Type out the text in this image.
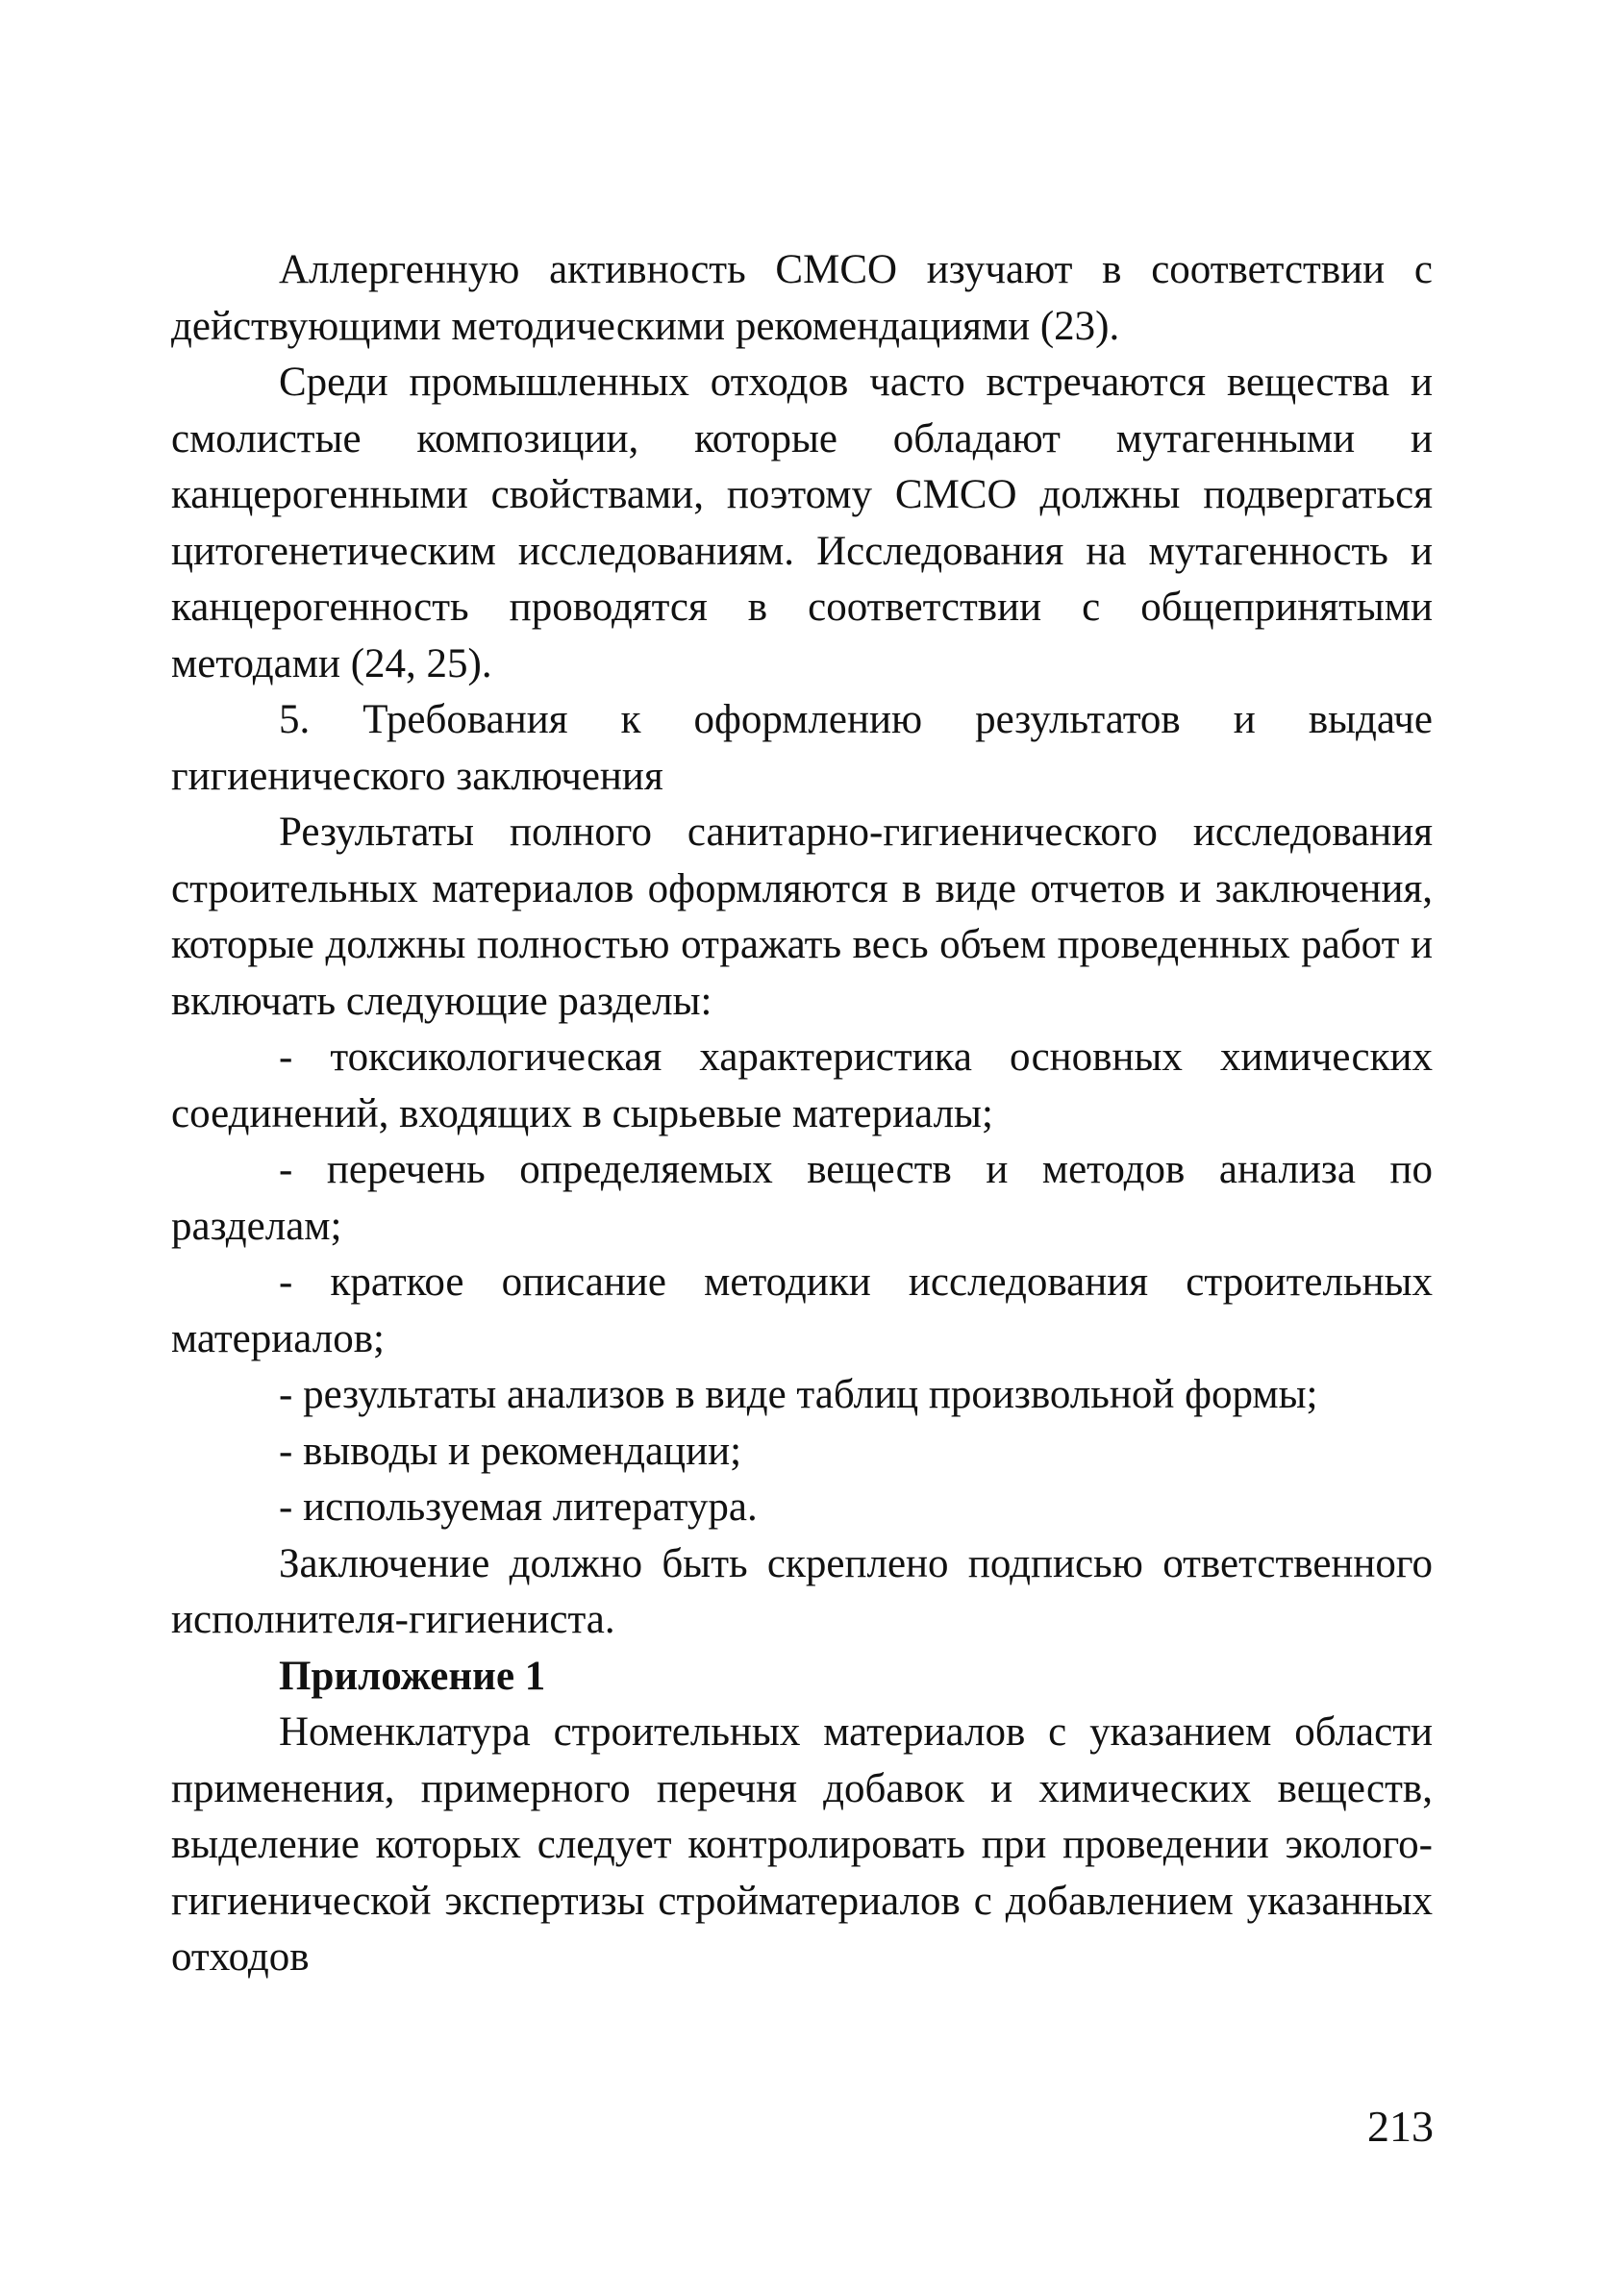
Аллергенную активность СМСО изучают в соответствии с действующими методическими рекомендациями (23).

Среди промышленных отходов часто встречаются вещества и смолистые композиции, которые обладают мутагенными и канцерогенными свойствами, поэтому СМСО должны подвергаться цитогенетическим исследованиям. Исследования на мутагенность и канцерогенность проводятся в соответствии с общепринятыми методами (24, 25).

5. Требования к оформлению результатов и выдаче гигиенического заключения

Результаты полного санитарно-гигиенического исследования строительных материалов оформляются в виде отчетов и заключения, которые должны полностью отражать весь объем проведенных работ и включать следующие разделы:

- токсикологическая характеристика основных химических соединений, входящих в сырьевые материалы;

- перечень определяемых веществ и методов анализа по разделам;

- краткое описание методики исследования строительных материалов;

- результаты анализов в виде таблиц произвольной формы;

- выводы и рекомендации;

- используемая литература.

Заключение должно быть скреплено подписью ответственного исполнителя-гигиениста.

Приложение 1

Номенклатура строительных материалов с указанием области применения, примерного перечня добавок и химических веществ, выделение которых следует контролировать при проведении эколого-гигиенической экспертизы стройматериалов с добавлением указанных отходов

213
